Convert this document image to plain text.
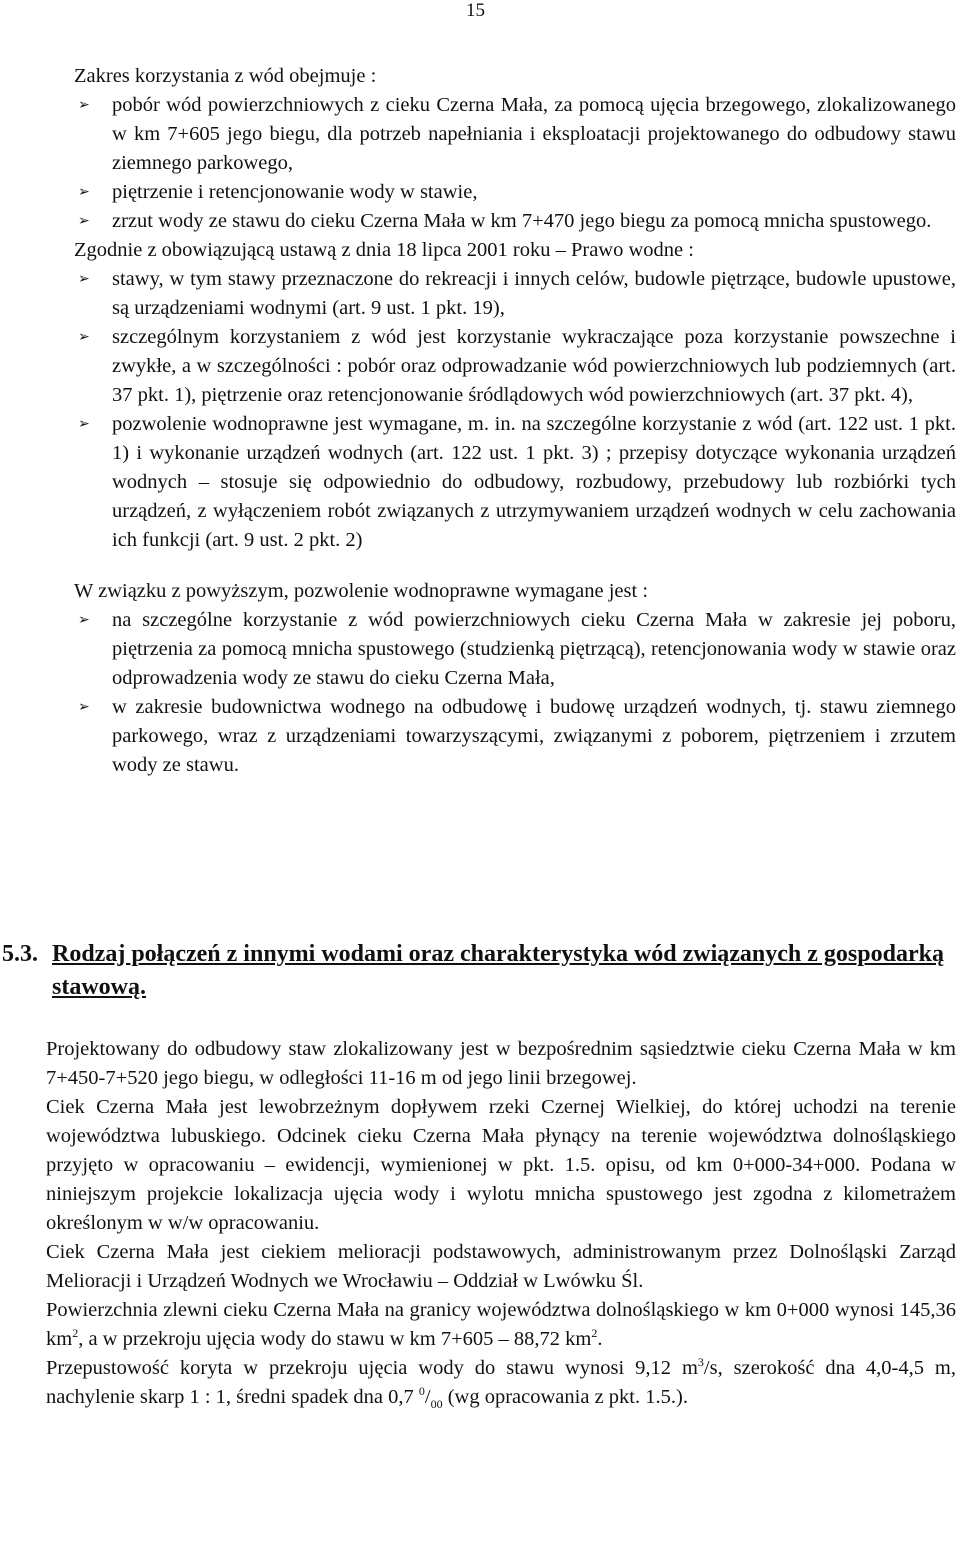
15

Zakres korzystania z wód obejmuje :

➢ pobór wód powierzchniowych z cieku Czerna Mała, za pomocą ujęcia brzegowego, zlokalizowanego w km 7+605 jego biegu, dla potrzeb napełniania i eksploatacji projektowanego do odbudowy stawu ziemnego parkowego,
➢ piętrzenie i retencjonowanie wody w stawie,
➢ zrzut wody ze stawu do cieku Czerna Mała w km 7+470 jego biegu za pomocą mnicha spustowego.

Zgodnie z obowiązującą ustawą z dnia 18 lipca 2001 roku – Prawo wodne :

➢ stawy, w tym stawy przeznaczone do rekreacji i innych celów, budowle piętrzące, budowle upustowe, są urządzeniami wodnymi (art. 9 ust. 1 pkt. 19),
➢ szczególnym korzystaniem z wód jest korzystanie wykraczające poza korzystanie powszechne i zwykłe, a w szczególności : pobór oraz odprowadzanie wód powierzchniowych lub podziemnych (art. 37 pkt. 1), piętrzenie oraz retencjonowanie śródlądowych wód powierzchniowych (art. 37 pkt. 4),
➢ pozwolenie wodnoprawne jest wymagane, m. in. na szczególne korzystanie z wód (art. 122 ust. 1 pkt. 1) i wykonanie urządzeń wodnych (art. 122 ust. 1 pkt. 3) ; przepisy dotyczące wykonania urządzeń wodnych – stosuje się odpowiednio do odbudowy, rozbudowy, przebudowy lub rozbiórki tych urządzeń, z wyłączeniem robót związanych z utrzymywaniem urządzeń wodnych w celu zachowania ich funkcji (art. 9 ust. 2 pkt. 2)

W związku z powyższym, pozwolenie wodnoprawne wymagane jest :

➢ na szczególne korzystanie z wód powierzchniowych cieku Czerna Mała w zakresie jej poboru, piętrzenia za pomocą mnicha spustowego (studzienką piętrzącą), retencjonowania wody w stawie oraz odprowadzenia wody ze stawu do cieku Czerna Mała,
➢ w zakresie budownictwa wodnego na odbudowę i budowę urządzeń wodnych, tj. stawu ziemnego parkowego, wraz z urządzeniami towarzyszącymi, związanymi z poborem, piętrzeniem i zrzutem wody ze stawu.
5.3. Rodzaj połączeń z innymi wodami oraz charakterystyka wód związanych z gospodarką stawową.

Projektowany do odbudowy staw zlokalizowany jest w bezpośrednim sąsiedztwie cieku Czerna Mała w km 7+450-7+520 jego biegu, w odległości 11-16 m od jego linii brzegowej.

Ciek Czerna Mała jest lewobrzeżnym dopływem rzeki Czernej Wielkiej, do której uchodzi na terenie województwa lubuskiego. Odcinek cieku Czerna Mała płynący na terenie województwa dolnośląskiego przyjęto w opracowaniu – ewidencji, wymienionej w pkt. 1.5. opisu, od km 0+000-34+000. Podana w niniejszym projekcie lokalizacja ujęcia wody i wylotu mnicha spustowego jest zgodna z kilometrażem określonym w w/w opracowaniu.

Ciek Czerna Mała jest ciekiem melioracji podstawowych, administrowanym przez Dolnośląski Zarząd Melioracji i Urządzeń Wodnych we Wrocławiu – Oddział w Lwówku Śl.

Powierzchnia zlewni cieku Czerna Mała na granicy województwa dolnośląskiego w km 0+000 wynosi 145,36 $km^2$, a w przekroju ujęcia wody do stawu w km 7+605 – 88,72 $km^2$.

Przepustowość koryta w przekroju ujęcia wody do stawu wynosi 9,12 $m^3/s$, szerokość dna 4,0-4,5 m, nachylenie skarp 1 : 1, średni spadek dna 0,7 $^0/_{00}$ (wg opracowania z pkt. 1.5.).
